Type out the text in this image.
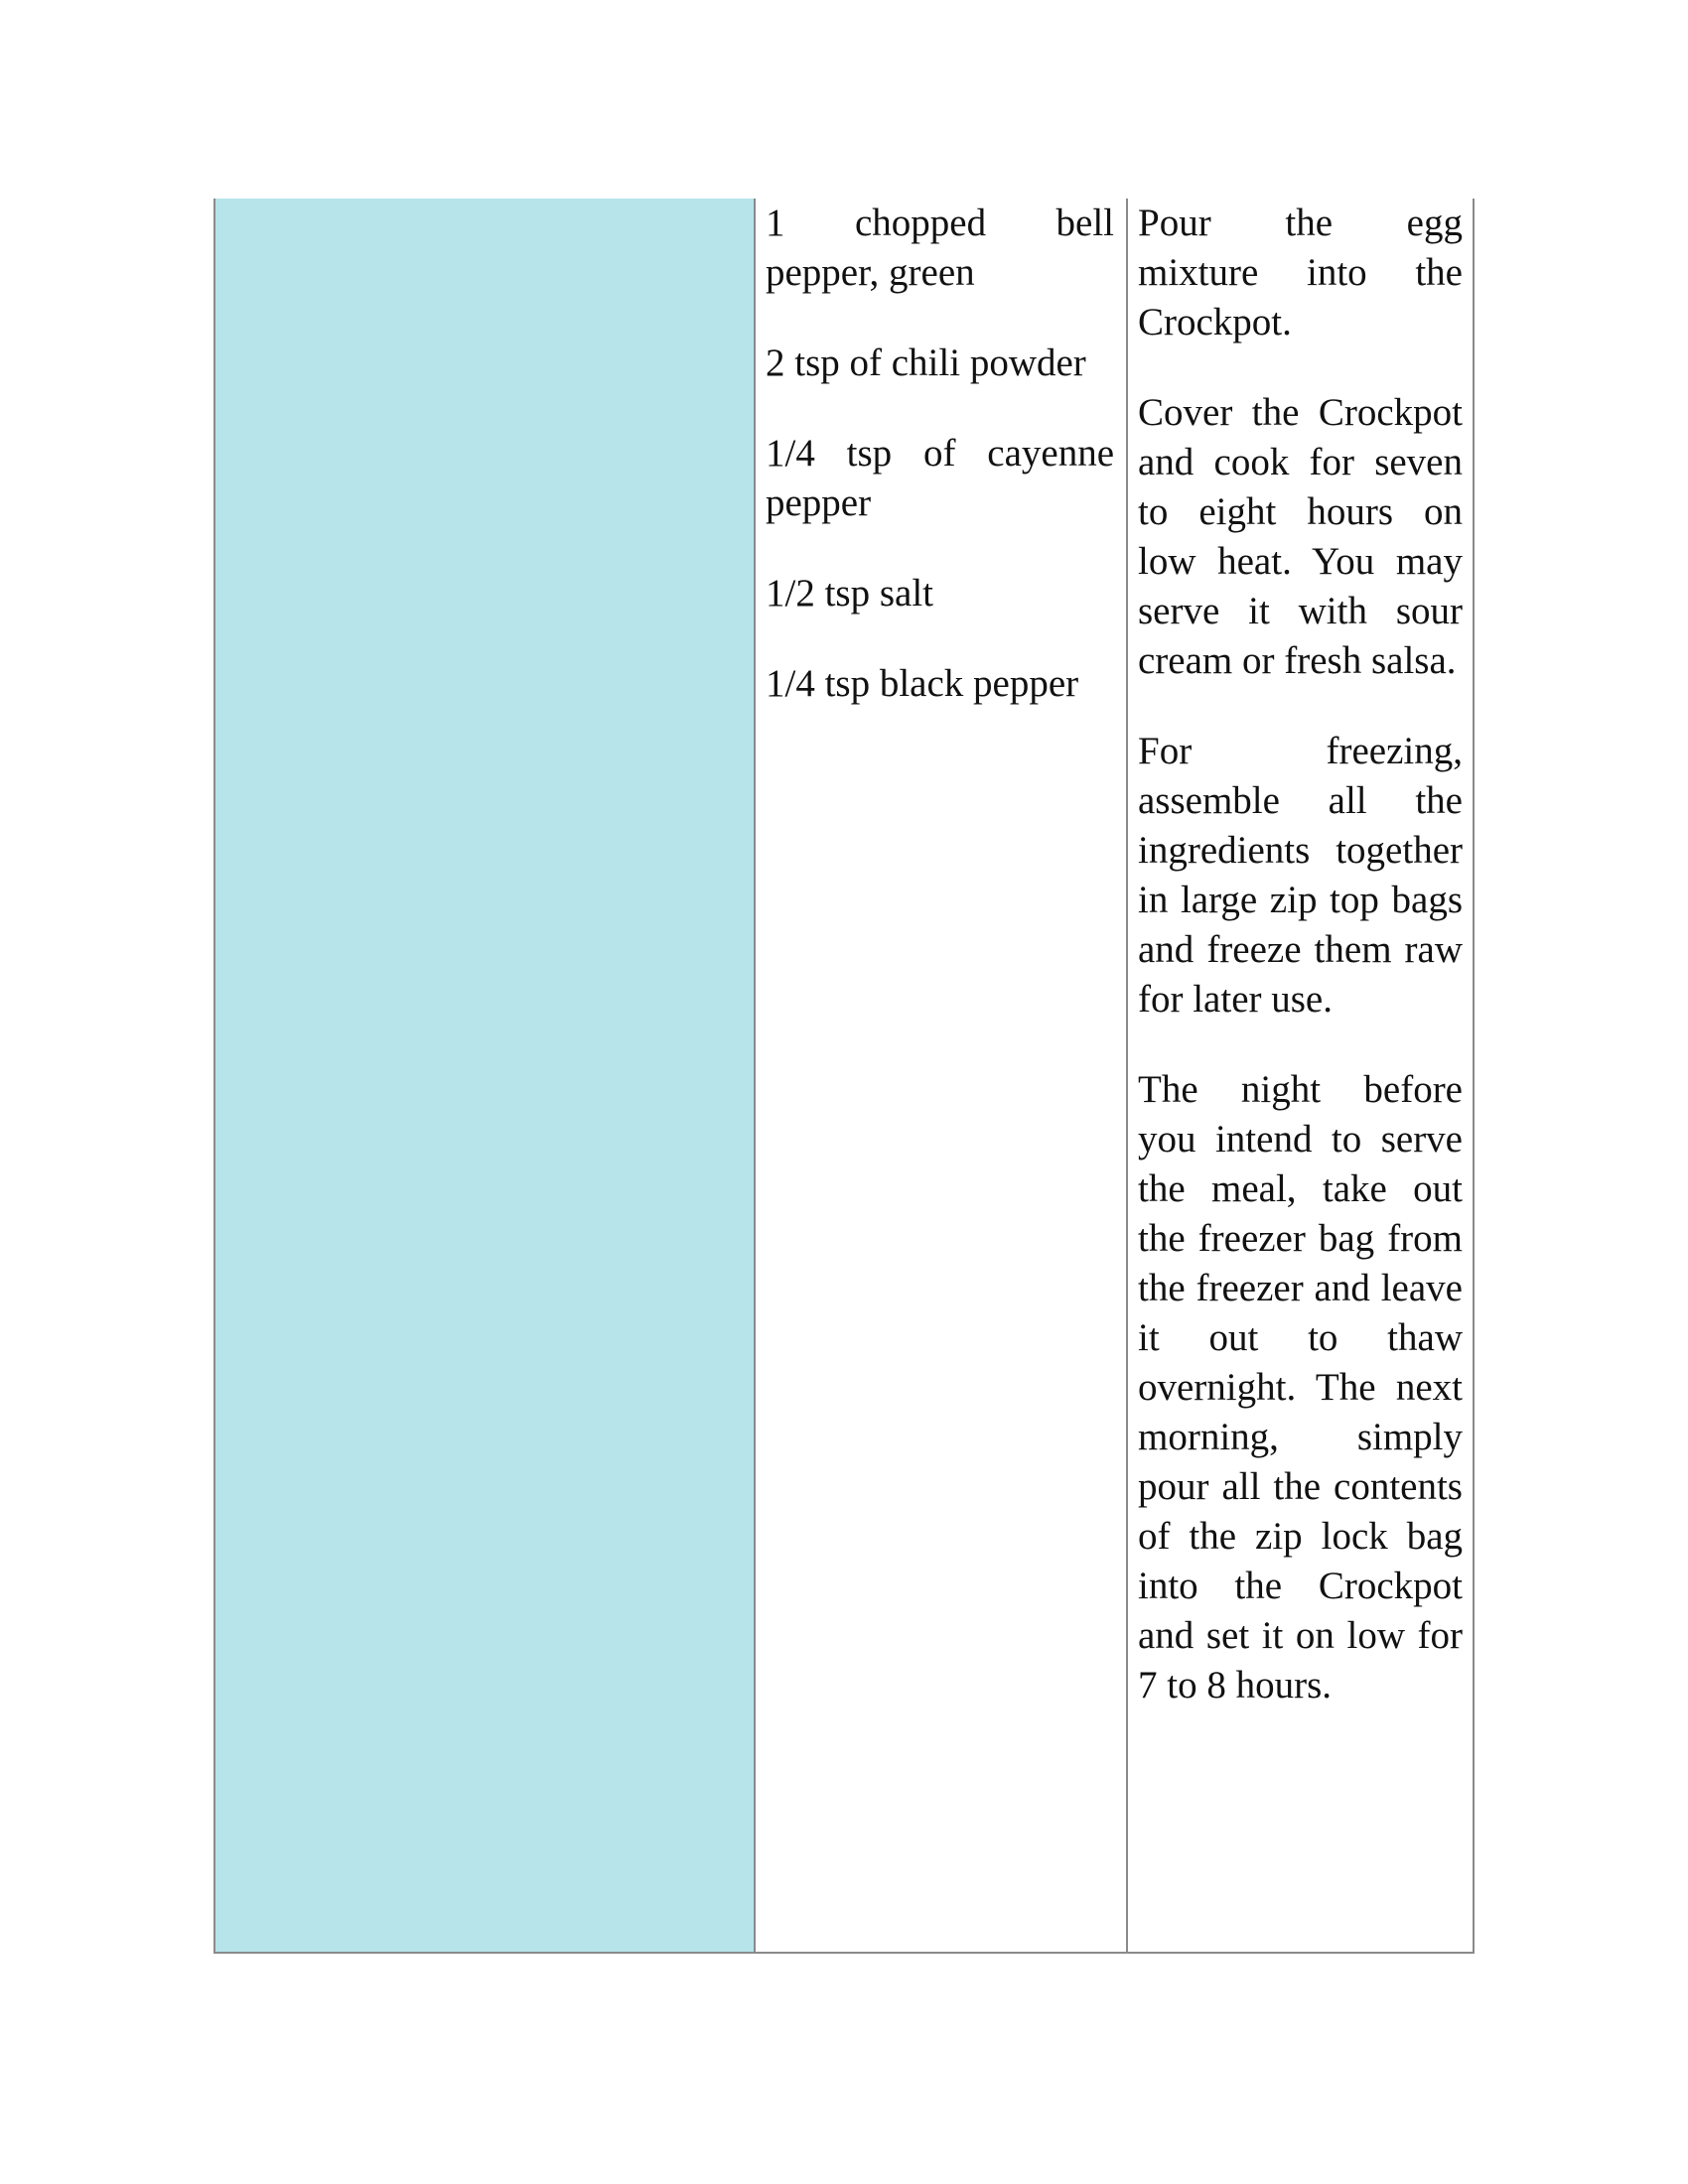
1 chopped bell pepper, green

2 tsp of chili powder

1/4 tsp of cayenne pepper

1/2 tsp salt

1/4 tsp black pepper

Pour the egg mixture into the Crockpot.

Cover the Crockpot and cook for seven to eight hours on low heat. You may serve it with sour cream or fresh salsa.

For freezing, assemble all the ingredients together in large zip top bags and freeze them raw for later use.

The night before you intend to serve the meal, take out the freezer bag from the freezer and leave it out to thaw overnight. The next morning, simply pour all the contents of the zip lock bag into the Crockpot and set it on low for 7 to 8 hours.
